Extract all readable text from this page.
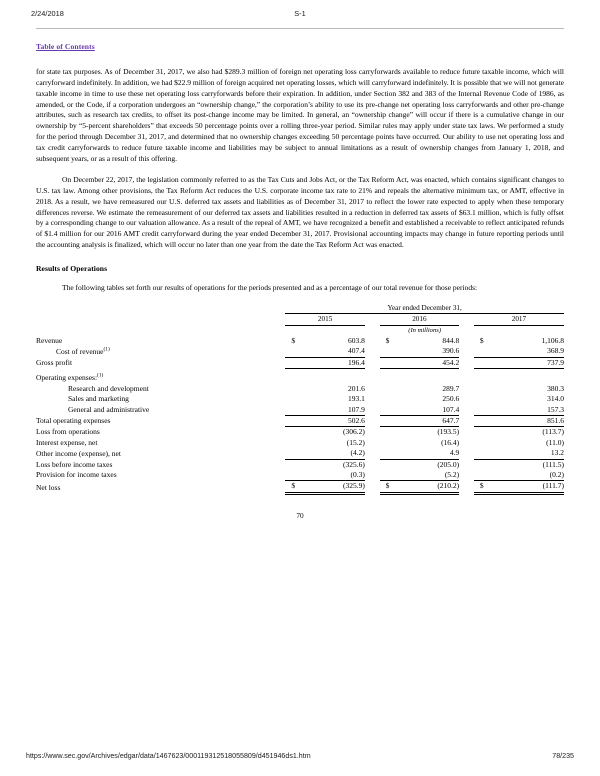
2/24/2018	S-1
Table of Contents

for state tax purposes. As of December 31, 2017, we also had $289.3 million of foreign net operating loss carryforwards available to reduce future taxable income, which will carryforward indefinitely. In addition, we had $22.9 million of foreign acquired net operating losses, which will carryforward indefinitely. It is possible that we will not generate taxable income in time to use these net operating loss carryforwards before their expiration. In addition, under Section 382 and 383 of the Internal Revenue Code of 1986, as amended, or the Code, if a corporation undergoes an “ownership change,” the corporation’s ability to use its pre-change net operating loss carryforwards and other pre-change attributes, such as research tax credits, to offset its post-change income may be limited. In general, an “ownership change” will occur if there is a cumulative change in our ownership by “5-percent shareholders” that exceeds 50 percentage points over a rolling three-year period. Similar rules may apply under state tax laws. We performed a study for the period through December 31, 2017, and determined that no ownership changes exceeding 50 percentage points have occurred. Our ability to use net operating loss and tax credit carryforwards to reduce future taxable income and liabilities may be subject to annual limitations as a result of ownership changes from January 1, 2018, and subsequent years, or as a result of this offering.

On December 22, 2017, the legislation commonly referred to as the Tax Cuts and Jobs Act, or the Tax Reform Act, was enacted, which contains significant changes to U.S. tax law. Among other provisions, the Tax Reform Act reduces the U.S. corporate income tax rate to 21% and repeals the alternative minimum tax, or AMT, effective in 2018. As a result, we have remeasured our U.S. deferred tax assets and liabilities as of December 31, 2017 to reflect the lower rate expected to apply when these temporary differences reverse. We estimate the remeasurement of our deferred tax assets and liabilities resulted in a reduction in deferred tax assets of $63.1 million, which is fully offset by a corresponding change to our valuation allowance. As a result of the repeal of AMT, we have recognized a benefit and established a receivable to reflect anticipated refunds of $1.4 million for our 2016 AMT credit carryforward during the year ended December 31, 2017. Provisional accounting impacts may change in future reporting periods until the accounting analysis is finalized, which will occur no later than one year from the date the Tax Reform Act was enacted.

Results of Operations

The following tables set forth our results of operations for the periods presented and as a percentage of our total revenue for those periods:

		Year ended December 31,				
		2015		2016		2017
		(In millions)				
Revenue		$ 603.8		$ 844.8		$ 1,106.8
Cost of revenue$^{(1)}$		407.4		390.6		368.9
Gross profit		196.4		454.2		737.9

Operating expenses:$^{(1)}$						
Research and development		201.6		289.7		380.3
Sales and marketing		193.1		250.6		314.0
General and administrative		107.9		107.4		157.3
Total operating expenses		502.6		647.7		851.6
Loss from operations		(306.2)		(193.5)		(113.7)
Interest expense, net		(15.2)		(16.4)		(11.0)
Other income (expense), net		(4.2)		4.9		13.2
Loss before income taxes		(325.6)		(205.0)		(111.5)
Provision for income taxes		(0.3)		(5.2)		(0.2)
Net loss		$ (325.9)		$ (210.2)		$ (111.7)
70
https://www.sec.gov/Archives/edgar/data/1467623/000119312518055809/d451946ds1.htm	78/235
